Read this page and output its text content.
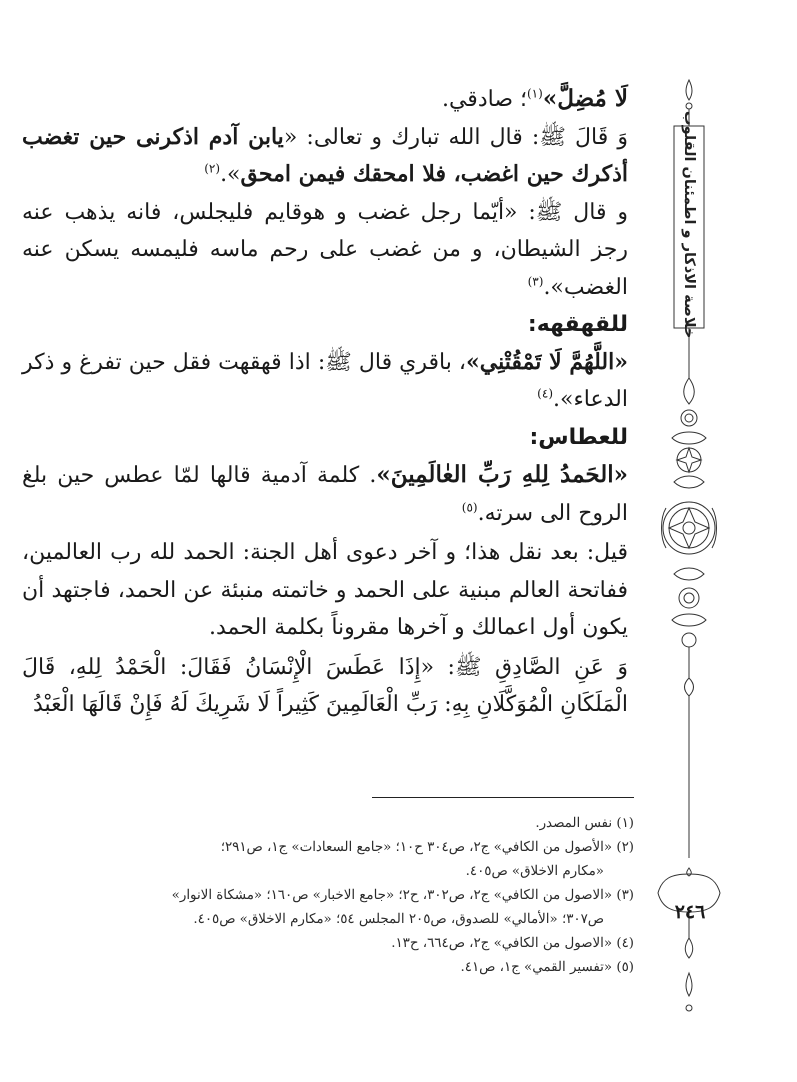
لَا مُضِلَّ»$^{(١)}$؛ صادقي.

وَ قَالَ ﷺ: قال الله تبارك و تعالى: «يابن آدم اذكرنى حين تغضب أذكرك حين اغضب، فلا امحقك فيمن امحق».$^{(٢)}$

و قال ﷺ: «أيّما رجل غضب و هوقايم فليجلس، فانه يذهب عنه رجز الشيطان، و من غضب على رحم ماسه فليمسه يسكن عنه الغضب».$^{(٣)}$

للقهقهه:

«اللَّهُمَّ لَا تَمْقُتْنِي»، باقري قال ﷺ: اذا قهقهت فقل حين تفرغ و ذكر الدعاء».$^{(٤)}$

للعطاس:

«الحَمدُ لِلهِ رَبِّ العٰالَمِينَ». كلمة آدمية قالها لمّا عطس حين بلغ الروح الى سرته.$^{(٥)}$

قيل: بعد نقل هذا؛ و آخر دعوى أهل الجنة: الحمد لله رب العالمين، ففاتحة العالم مبنية على الحمد و خاتمته منبئة عن الحمد، فاجتهد أن يكون أول اعمالك و آخرها مقروناً بكلمة الحمد.

وَ عَنِ الصَّادِقِ ﷺ: «إِذَا عَطَسَ الْإِنْسَانُ فَقَالَ: الْحَمْدُ لِلهِ، قَالَ الْمَلَكَانِ الْمُوَكَّلَانِ بِهِ: رَبِّ الْعَالَمِينَ كَثِيراً لَا شَرِيكَ لَهُ فَإِنْ قَالَهَا الْعَبْدُ

(١) نفس المصدر.

(٢) «الأصول من الكافي» ج٢، ص٣٠٤ ح١٠؛ «جامع السعادات» ج١، ص٢٩١؛

«مكارم الاخلاق» ص٤٠٥.

(٣) «الاصول من الكافي» ج٢، ص٣٠٢، ح٢؛ «جامع الاخبار» ص١٦٠؛ «مشكاة الانوار»

ص٣٠٧؛ «الأمالي» للصدوق، ص٢٠٥ المجلس ٥٤؛ «مكارم الاخلاق» ص٤٠٥.

(٤) «الاصول من الكافي» ج٢، ص٦٦٤، ح١٣.

(٥) «تفسير القمي» ج١، ص٤١.

خلاصة الاذكار و اطمئنان القلوب
٢٤٦
